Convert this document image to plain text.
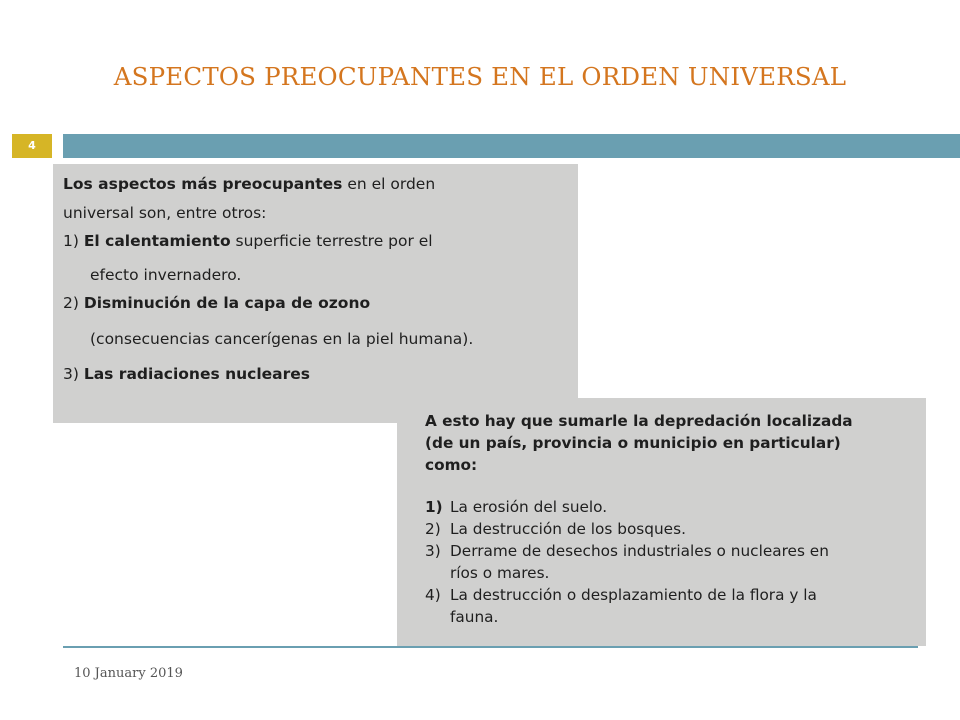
ASPECTOS PREOCUPANTES EN EL ORDEN UNIVERSAL
4
Los aspectos más preocupantes en el orden
universal son, entre otros:
1) El calentamiento superficie terrestre por el
efecto invernadero.
2) Disminución de la capa de ozono
(consecuencias cancerígenas en la piel humana).
3) Las radiaciones nucleares
A esto hay que sumarle la depredación localizada
(de un país, provincia o municipio en particular)
como:
1) La erosión del suelo.
2) La destrucción de los bosques.
3) Derrame de desechos industriales o nucleares en
ríos o mares.
4) La destrucción o desplazamiento de la flora y la
fauna.
10 January 2019
